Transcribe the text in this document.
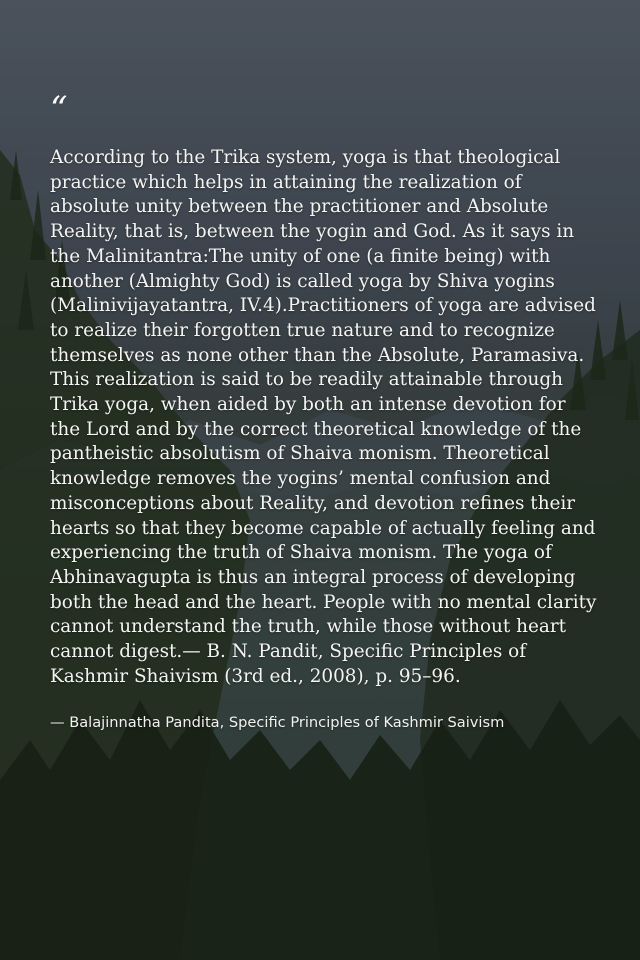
“

According to the Trika system, yoga is that theological practice which helps in attaining the realization of absolute unity between the practitioner and Absolute Reality, that is, between the yogin and God. As it says in the Malinitantra:The unity of one (a finite being) with another (Almighty God) is called yoga by Shiva yogins (Malinivijayatantra, IV.4).Practitioners of yoga are advised to realize their forgotten true nature and to recognize themselves as none other than the Absolute, Paramasiva. This realization is said to be readily attainable through Trika yoga, when aided by both an intense devotion for the Lord and by the correct theoretical knowledge of the pantheistic absolutism of Shaiva monism. Theoretical knowledge removes the yogins’ mental confusion and misconceptions about Reality, and devotion refines their hearts so that they become capable of actually feeling and experiencing the truth of Shaiva monism. The yoga of Abhinavagupta is thus an integral process of developing both the head and the heart. People with no mental clarity cannot understand the truth, while those without heart cannot digest.— B. N. Pandit, Specific Principles of Kashmir Shaivism (3rd ed., 2008), p. 95–96.

— Balajinnatha Pandita, Specific Principles of Kashmir Saivism
